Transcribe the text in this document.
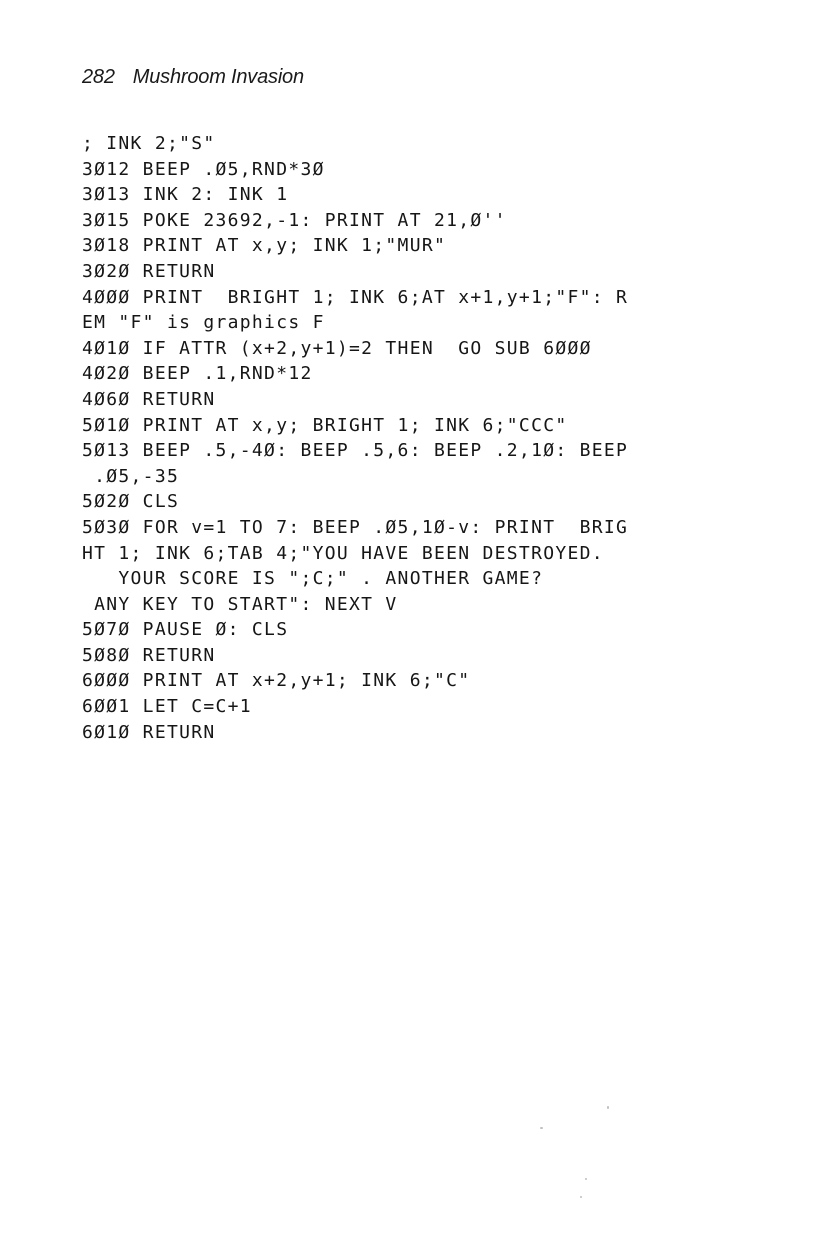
282 Mushroom Invasion
; INK 2;"S"
3Ø12 BEEP .Ø5,RND*3Ø
3Ø13 INK 2: INK 1
3Ø15 POKE 23692,-1: PRINT AT 21,Ø''
3Ø18 PRINT AT x,y; INK 1;"MUR"
3Ø2Ø RETURN
4ØØØ PRINT  BRIGHT 1; INK 6;AT x+1,y+1;"F": R
EM "F" is graphics F
4Ø1Ø IF ATTR (x+2,y+1)=2 THEN  GO SUB 6ØØØ
4Ø2Ø BEEP .1,RND*12
4Ø6Ø RETURN
5Ø1Ø PRINT AT x,y; BRIGHT 1; INK 6;"CCC"
5Ø13 BEEP .5,-4Ø: BEEP .5,6: BEEP .2,1Ø: BEEP
.Ø5,-35
5Ø2Ø CLS
5Ø3Ø FOR v=1 TO 7: BEEP .Ø5,1Ø-v: PRINT  BRIG
HT 1; INK 6;TAB 4;"YOU HAVE BEEN DESTROYED.
YOUR SCORE IS ";C;" . ANOTHER GAME?
ANY KEY TO START": NEXT V
5Ø7Ø PAUSE Ø: CLS
5Ø8Ø RETURN
6ØØØ PRINT AT x+2,y+1; INK 6;"C"
6ØØ1 LET C=C+1
6Ø1Ø RETURN
